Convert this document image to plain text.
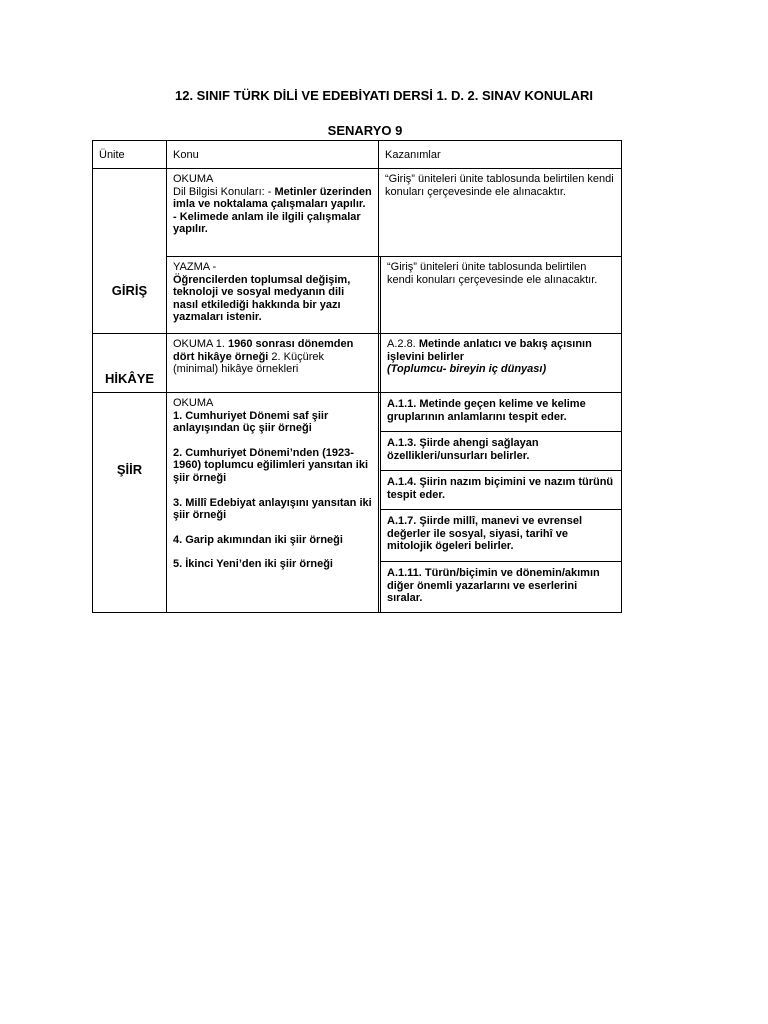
12. SINIF TÜRK DİLİ VE EDEBİYATI DERSİ 1. D. 2. SINAV KONULARI
SENARYO 9
Ünite	Konu	Kazanımlar
GİRİŞ
OKUMA
Dil Bilgisi Konuları: - Metinler üzerinden imla ve noktalama çalışmaları yapılır.
- Kelimede anlam ile ilgili çalışmalar yapılır.
“Giriş” üniteleri ünite tablosunda belirtilen kendi konuları çerçevesinde ele alınacaktır.
YAZMA -
Öğrencilerden toplumsal değişim, teknoloji ve sosyal medyanın dili nasıl etkilediği hakkında bir yazı yazmaları istenir.
“Giriş” üniteleri ünite tablosunda belirtilen kendi konuları çerçevesinde ele alınacaktır.
HİKÂYE
OKUMA 1. 1960 sonrası dönemden dört hikâye örneği 2. Küçürek (minimal) hikâye örnekleri
A.2.8. Metinde anlatıcı ve bakış açısının işlevini belirler
(Toplumcu- bireyin iç dünyası)
ŞİİR
OKUMA
1. Cumhuriyet Dönemi saf şiir anlayışından üç şiir örneği
2. Cumhuriyet Dönemi’nden (1923-1960) toplumcu eğilimleri yansıtan iki şiir örneği
3. Millî Edebiyat anlayışını yansıtan iki şiir örneği
4. Garip akımından iki şiir örneği
5. İkinci Yeni’den iki şiir örneği
A.1.1. Metinde geçen kelime ve kelime gruplarının anlamlarını tespit eder.
A.1.3. Şiirde ahengi sağlayan özellikleri/unsurları belirler.
A.1.4. Şiirin nazım biçimini ve nazım türünü tespit eder.
A.1.7. Şiirde millî, manevi ve evrensel değerler ile sosyal, siyasi, tarihî ve mitolojik ögeleri belirler.
A.1.11. Türün/biçimin ve dönemin/akımın diğer önemli yazarlarını ve eserlerini sıralar.
